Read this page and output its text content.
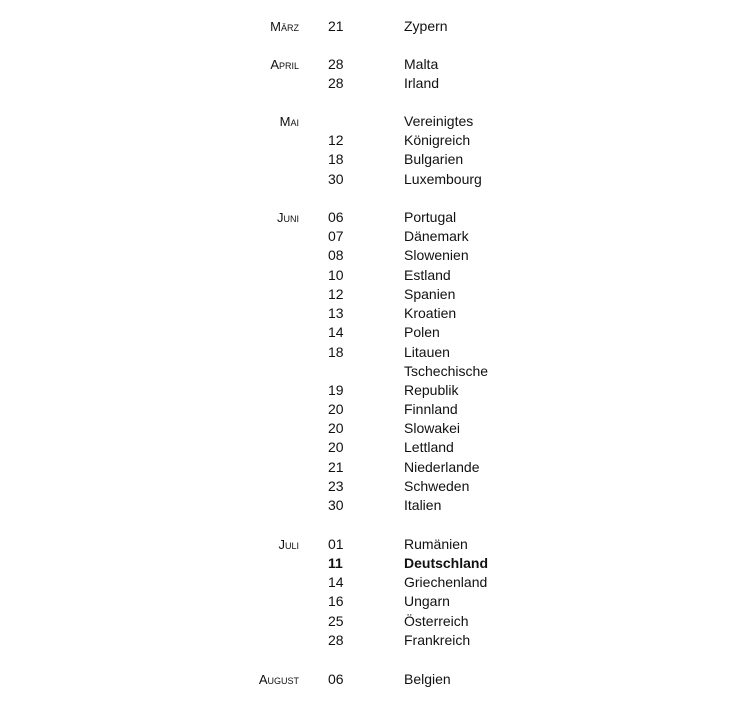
März 21	Zypern
April 28	Malta
28	Irland
Mai	Vereinigtes
12	Königreich
18	Bulgarien
30	Luxembourg
Juni 06	Portugal
07	Dänemark
08	Slowenien
10	Estland
12	Spanien
13	Kroatien
14	Polen
18	Litauen
Tschechische
19	Republik
20	Finnland
20	Slowakei
20	Lettland
21	Niederlande
23	Schweden
30	Italien
Juli 01	Rumänien
11	Deutschland
14	Griechenland
16	Ungarn
25	Österreich
28	Frankreich
August 06	Belgien
